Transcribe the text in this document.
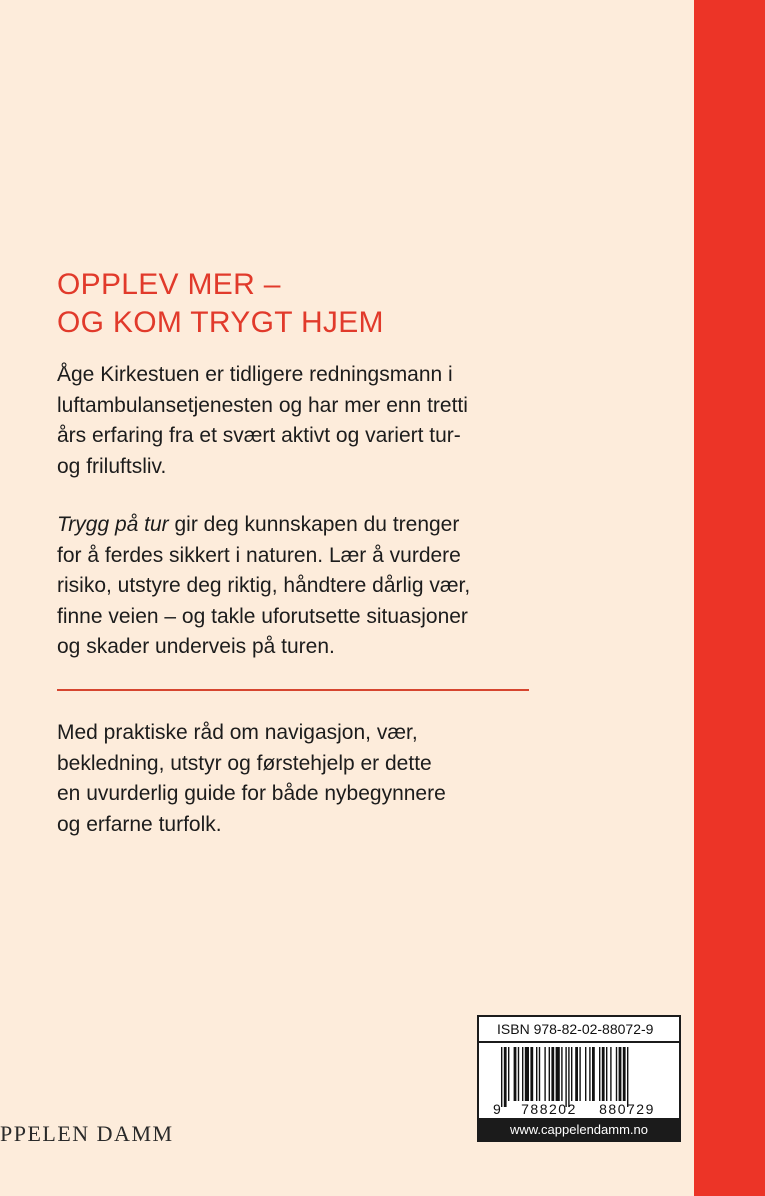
OPPLEV MER –
OG KOM TRYGT HJEM

Åge Kirkestuen er tidligere redningsmann i
luftambulansetjenesten og har mer enn tretti
års erfaring fra et svært aktivt og variert tur-
og friluftsliv.

Trygg på tur gir deg kunnskapen du trenger
for å ferdes sikkert i naturen. Lær å vurdere
risiko, utstyre deg riktig, håndtere dårlig vær,
finne veien – og takle uforutsette situasjoner
og skader underveis på turen.

Med praktiske råd om navigasjon, vær,
bekledning, utstyr og førstehjelp er dette
en uvurderlig guide for både nybegynnere
og erfarne turfolk.

PPELEN DAMM
ISBN 978-82-02-88072-9
9 788202 880729
www.cappelendamm.no
